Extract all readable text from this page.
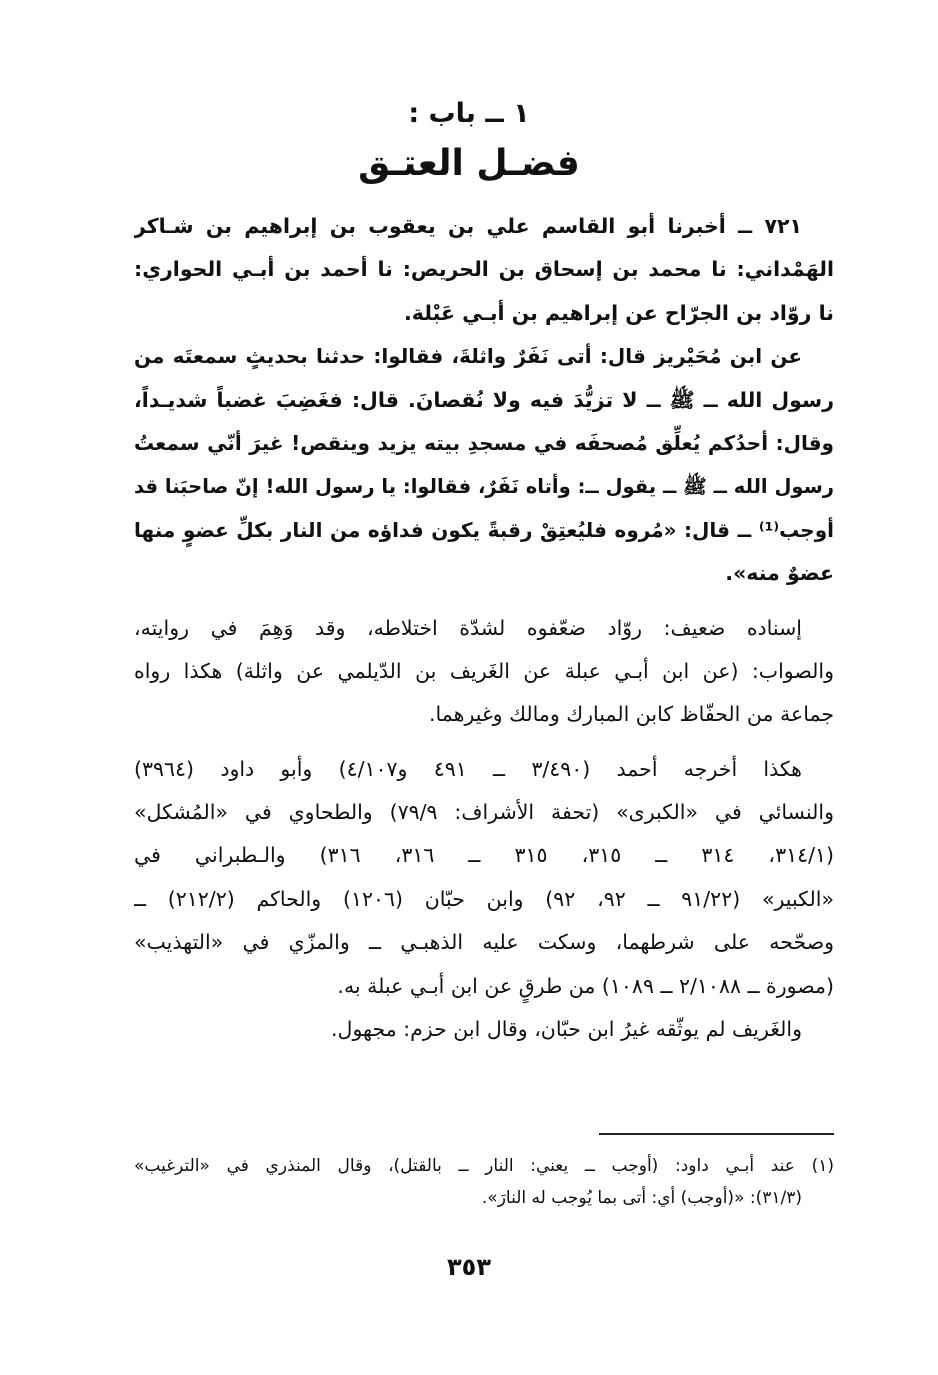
١ ــ باب :
فضـل العتـق
٧٢١ ــ أخبرنا أبو القاسم علي بن يعقوب بن إبراهيم بن شـاكر
الهَمْداني: نا محمد بن إسحاق بن الحريص: نا أحمد بن أبـي الحواري:
نا روّاد بن الجرّاح عن إبراهيم بن أبـي عَبْلة.
عن ابن مُحَيْريز قال: أتى نَفَرٌ واثلةَ، فقالوا: حدثنا بحديثٍ سمعتَه من
رسول الله ــ ﷺ ــ لا تزيُّدَ فيه ولا نُقصانَ. قال: فغَضِبَ غضباً شديـداً،
وقال: أحدُكم يُعلِّق مُصحفَه في مسجدِ بيته يزيد وينقص! غيرَ أنّي سمعتُ
رسول الله ــ ﷺ ــ يقول ــ: وأتاه نَفَرٌ، فقالوا: يا رسول الله! إنّ صاحبَنا قد
أوجب⁽¹⁾ ــ قال: «مُروه فليُعتِقْ رقبةً يكون فداؤه من النار بكلِّ عضوٍ منها
عضوٌ منه».
إسناده ضعيف: روّاد ضعّفوه لشدّة اختلاطه، وقد وَهِمَ في روايته،
والصواب: (عن ابن أبـي عبلة عن الغَريف بن الدّيلمي عن واثلة) هكذا رواه
جماعة من الحفّاظ كابن المبارك ومالك وغيرهما.
هكذا أخرجه أحمد (٣/٤٩٠ ــ ٤٩١ و٤/١٠٧) وأبو داود (٣٩٦٤)
والنسائي في «الكبرى» (تحفة الأشراف: ٧٩/٩) والطحاوي في «المُشكل»
(٣١٤/١، ٣١٤ ــ ٣١٥، ٣١٥ ــ ٣١٦، ٣١٦) والـطبراني في
«الكبير» (٩١/٢٢ ــ ٩٢، ٩٢) وابن حبّان (١٢٠٦) والحاكم (٢١٢/٢) ــ
وصحّحه على شرطهما، وسكت عليه الذهبـي ــ والمزّي في «التهذيب»
(مصورة ــ ٢/١٠٨٨ ــ ١٠٨٩) من طرقٍ عن ابن أبـي عبلة به.
والغَريف لم يوثّقه غيرُ ابن حبّان، وقال ابن حزم: مجهول.
(١) عند أبـي داود: (أوجب ــ يعني: النار ــ بالقتل)، وقال المنذري في «الترغيب»
(٣١/٣): «(أوجب) أي: أتى بما يُوجب له النارَ».
٣٥٣
